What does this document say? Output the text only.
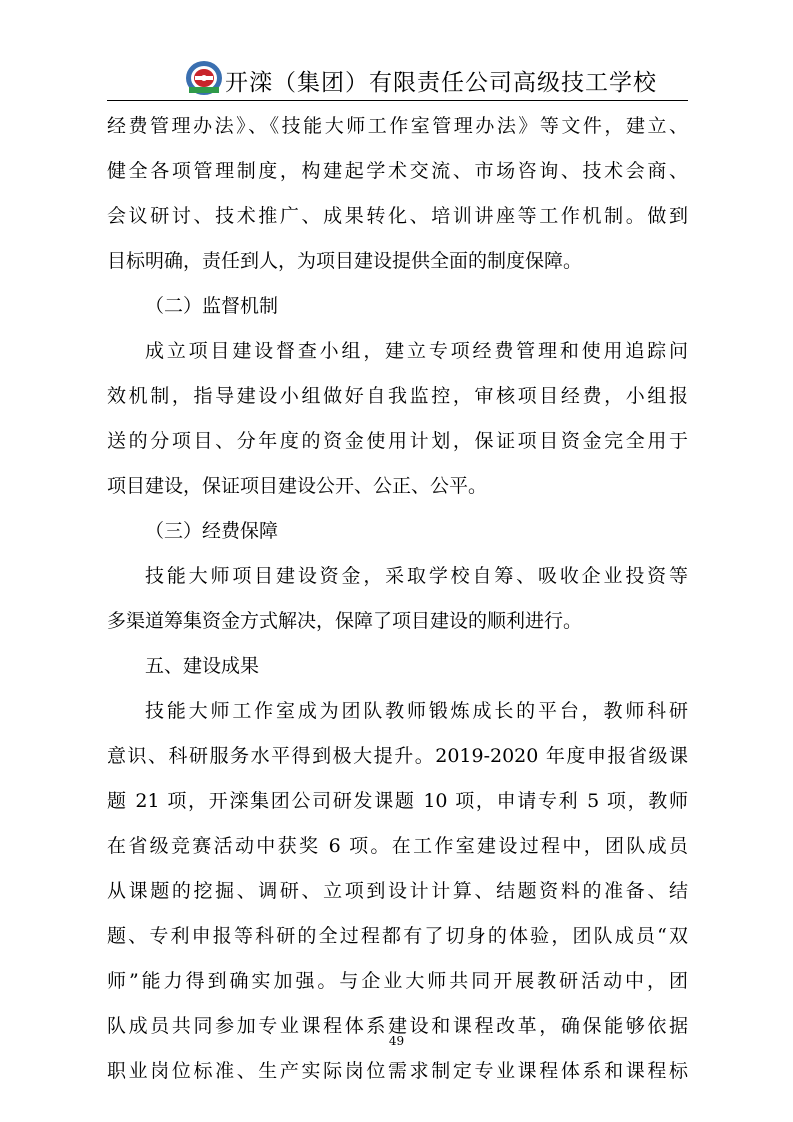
开滦（集团）有限责任公司高级技工学校
经费管理办法》、《技能大师工作室管理办法》等文件，建立、
健全各项管理制度，构建起学术交流、市场咨询、技术会商、
会议研讨、技术推广、成果转化、培训讲座等工作机制。做到
目标明确，责任到人，为项目建设提供全面的制度保障。
（二）监督机制
成立项目建设督查小组，建立专项经费管理和使用追踪问
效机制，指导建设小组做好自我监控，审核项目经费，小组报
送的分项目、分年度的资金使用计划，保证项目资金完全用于
项目建设，保证项目建设公开、公正、公平。
（三）经费保障
技能大师项目建设资金，采取学校自筹、吸收企业投资等
多渠道筹集资金方式解决，保障了项目建设的顺利进行。
五、建设成果
技能大师工作室成为团队教师锻炼成长的平台，教师科研
意识、科研服务水平得到极大提升。2019-2020 年度申报省级课
题 21 项，开滦集团公司研发课题 10 项，申请专利 5 项，教师
在省级竞赛活动中获奖 6 项。在工作室建设过程中，团队成员
从课题的挖掘、调研、立项到设计计算、结题资料的准备、结
题、专利申报等科研的全过程都有了切身的体验，团队成员“双
师”能力得到确实加强。与企业大师共同开展教研活动中，团
队成员共同参加专业课程体系建设和课程改革，确保能够依据
职业岗位标准、生产实际岗位需求制定专业课程体系和课程标
49
